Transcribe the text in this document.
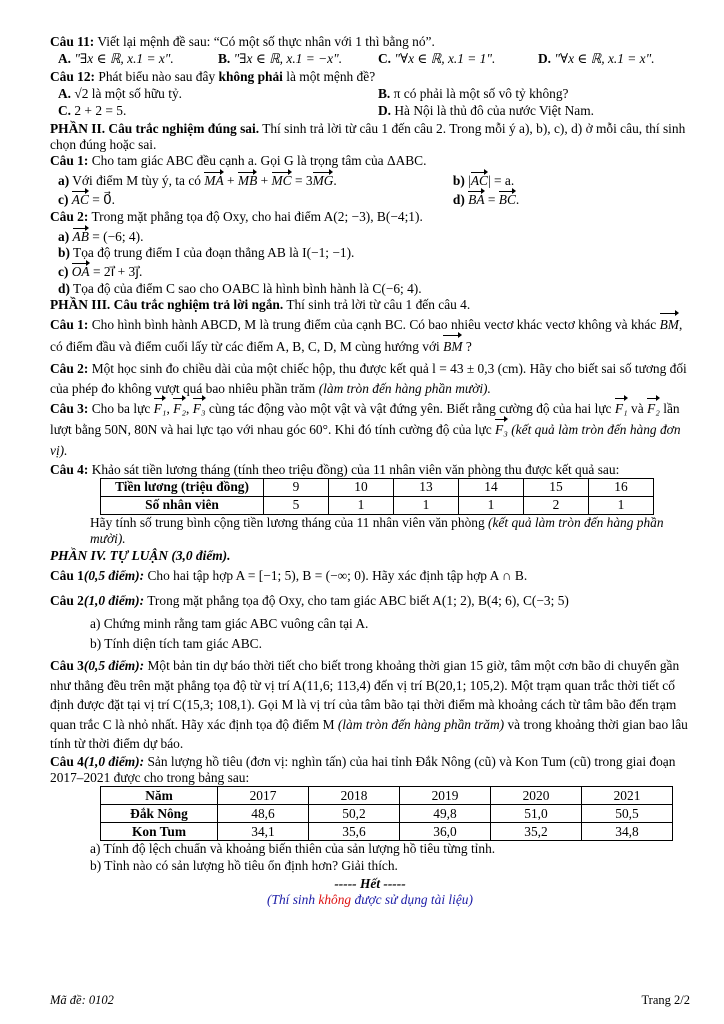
Câu 11: Viết lại mệnh đề sau: “Có một số thực nhân với 1 thì bằng nó”.

A. "∃x ∈ ℝ, x.1 = x".	B. "∃x ∈ ℝ, x.1 = −x".	C. "∀x ∈ ℝ, x.1 = 1".	D. "∀x ∈ ℝ, x.1 = x".

Câu 12: Phát biểu nào sau đây không phải là một mệnh đề?

A. √2 là một số hữu tỷ.	B. π có phải là một số vô tỷ không?
C. 2 + 2 = 5.	D. Hà Nội là thủ đô của nước Việt Nam.

PHẦN II. Câu trắc nghiệm đúng sai. Thí sinh trả lời từ câu 1 đến câu 2. Trong mỗi ý a), b), c), d) ở mỗi câu, thí sinh chọn đúng hoặc sai.

Câu 1: Cho tam giác ABC đều cạnh a. Gọi G là trọng tâm của ΔABC.

a) Với điểm M tùy ý, ta có MA + MB + MC = 3MG.	b) |AC| = a.
c) AC = 0⃗.	d) BA = BC.

Câu 2: Trong mặt phẳng tọa độ Oxy, cho hai điểm A(2; −3), B(−4;1).

a) AB = (−6; 4).

b) Tọa độ trung điểm I của đoạn thẳng AB là I(−1; −1).

c) OA = 2i⃗ + 3j⃗.

d) Tọa độ của điểm C sao cho OABC là hình bình hành là C(−6; 4).

PHẦN III. Câu trắc nghiệm trả lời ngắn. Thí sinh trả lời từ câu 1 đến câu 4.

Câu 1: Cho hình bình hành ABCD, M là trung điểm của cạnh BC. Có bao nhiêu vectơ khác vectơ không và khác BM, có điểm đầu và điểm cuối lấy từ các điểm A, B, C, D, M cùng hướng với BM ?

Câu 2: Một học sinh đo chiều dài của một chiếc hộp, thu được kết quả l = 43 ± 0,3 (cm). Hãy cho biết sai số tương đối của phép đo không vượt quá bao nhiêu phần trăm (làm tròn đến hàng phần mười).

Câu 3: Cho ba lực F₁, F₂, F₃ cùng tác động vào một vật và vật đứng yên. Biết rằng cường độ của hai lực F₁ và F₂ lần lượt bằng 50N, 80N và hai lực tạo với nhau góc 60°. Khi đó tính cường độ của lực F₃ (kết quả làm tròn đến hàng đơn vị).

Câu 4: Khảo sát tiền lương tháng (tính theo triệu đồng) của 11 nhân viên văn phòng thu được kết quả sau:

Tiền lương (triệu đồng)	9	10	13	14	15	16
Số nhân viên	5	1	1	1	2	1

Hãy tính số trung bình cộng tiền lương tháng của 11 nhân viên văn phòng (kết quả làm tròn đến hàng phần mười).

PHẦN IV. TỰ LUẬN (3,0 điểm).

Câu 1(0,5 điểm): Cho hai tập hợp A = [−1; 5), B = (−∞; 0). Hãy xác định tập hợp A ∩ B.

Câu 2(1,0 điểm): Trong mặt phẳng tọa độ Oxy, cho tam giác ABC biết A(1; 2), B(4; 6), C(−3; 5)

a) Chứng minh rằng tam giác ABC vuông cân tại A.

b) Tính diện tích tam giác ABC.

Câu 3(0,5 điểm): Một bản tin dự báo thời tiết cho biết trong khoảng thời gian 15 giờ, tâm một cơn bão di chuyển gần như thẳng đều trên mặt phẳng tọa độ từ vị trí A(11,6; 113,4) đến vị trí B(20,1; 105,2). Một trạm quan trắc thời tiết cố định được đặt tại vị trí C(15,3; 108,1). Gọi M là vị trí của tâm bão tại thời điểm mà khoảng cách từ tâm bão đến trạm quan trắc C là nhỏ nhất. Hãy xác định tọa độ điểm M (làm tròn đến hàng phần trăm) và trong khoảng thời gian bao lâu tính từ thời điểm dự báo.

Câu 4(1,0 điểm): Sản lượng hồ tiêu (đơn vị: nghìn tấn) của hai tỉnh Đắk Nông (cũ) và Kon Tum (cũ) trong giai đoạn 2017–2021 được cho trong bảng sau:

Năm	2017	2018	2019	2020	2021
Đắk Nông	48,6	50,2	49,8	51,0	50,5
Kon Tum	34,1	35,6	36,0	35,2	34,8

a) Tính độ lệch chuẩn và khoảng biến thiên của sản lượng hồ tiêu từng tỉnh.

b) Tỉnh nào có sản lượng hồ tiêu ổn định hơn? Giải thích.

----- Hết -----

(Thí sinh không được sử dụng tài liệu)

Mã đề: 0102	Trang 2/2
